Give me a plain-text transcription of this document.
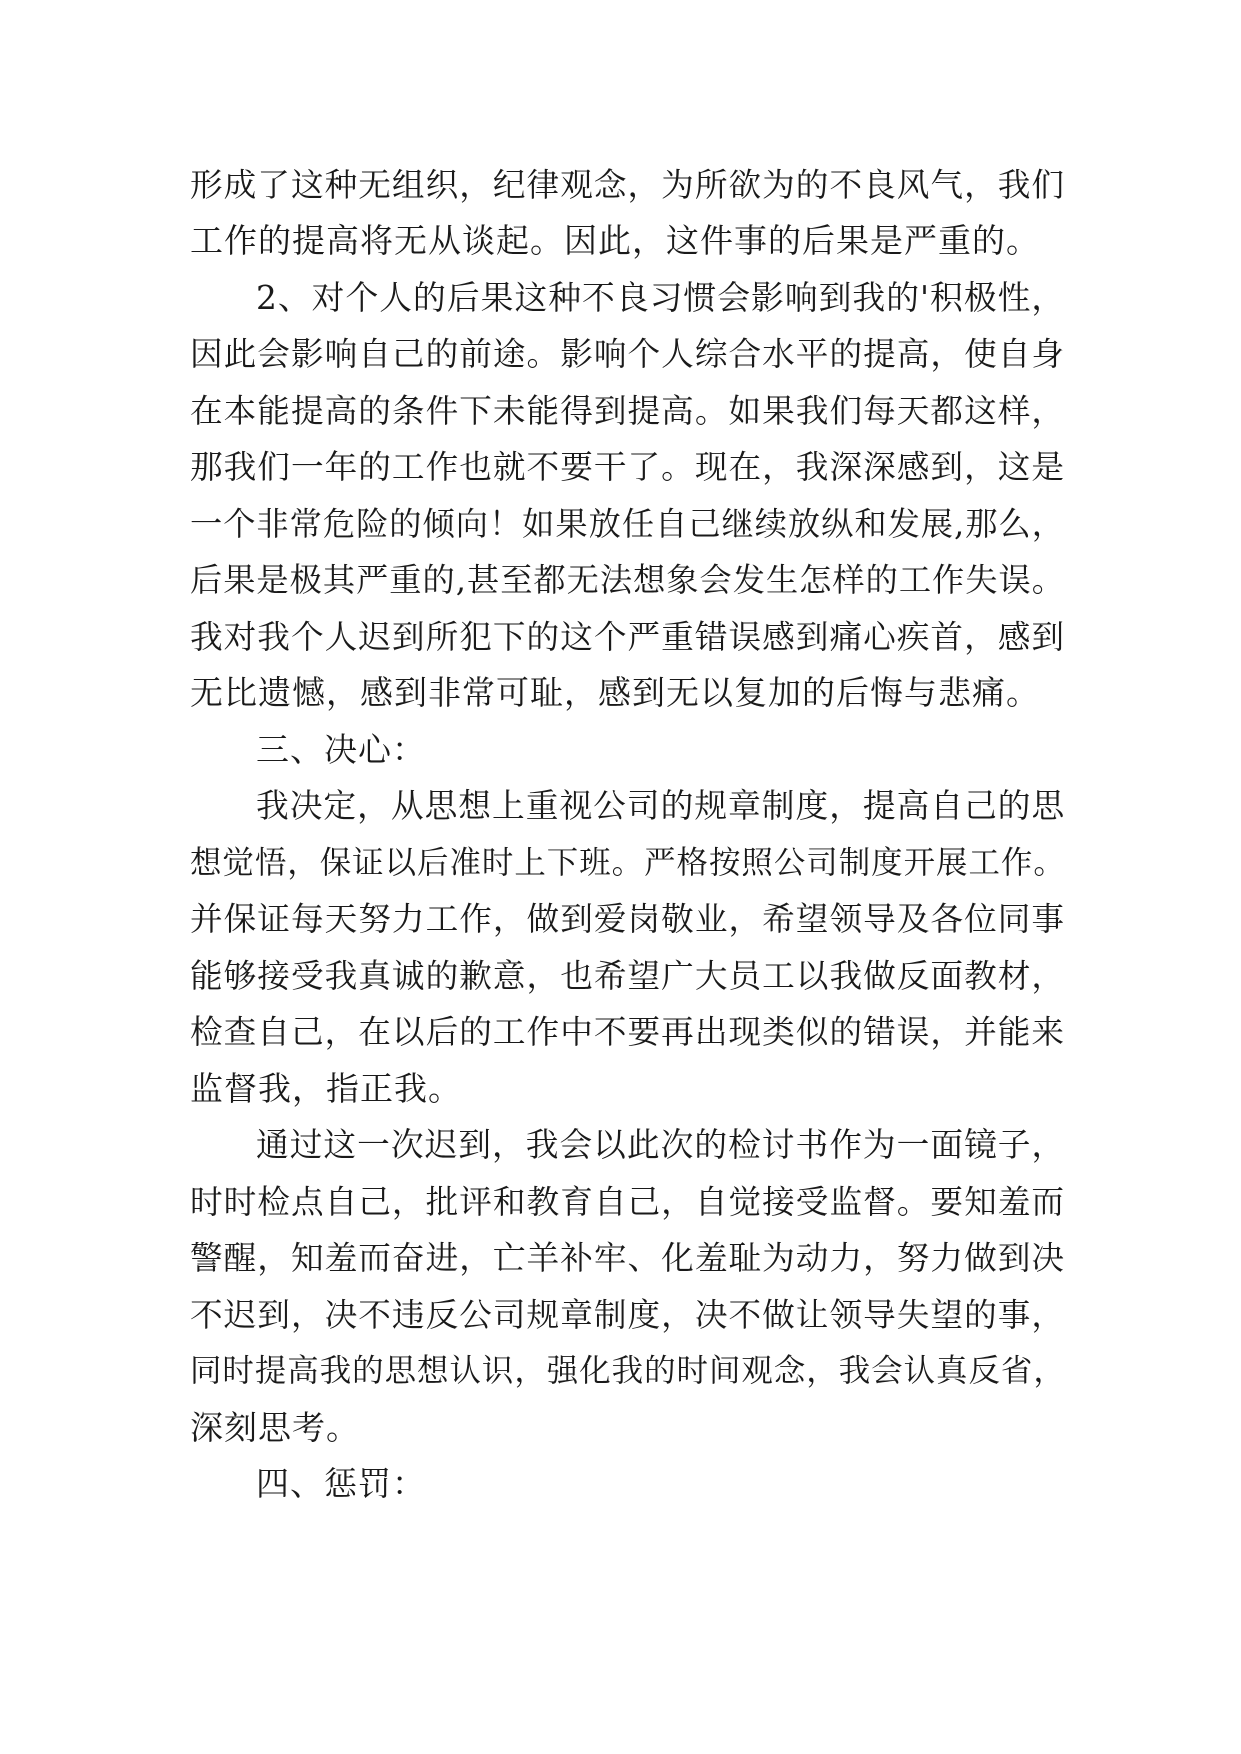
形成了这种无组织，纪律观念，为所欲为的不良风气，我们
工作的提高将无从谈起。因此，这件事的后果是严重的。
2、对个人的后果这种不良习惯会影响到我的'积极性，
因此会影响自己的前途。影响个人综合水平的提高，使自身
在本能提高的条件下未能得到提高。如果我们每天都这样，
那我们一年的工作也就不要干了。现在，我深深感到，这是
一个非常危险的倾向！如果放任自己继续放纵和发展,那么，
后果是极其严重的,甚至都无法想象会发生怎样的工作失误。
我对我个人迟到所犯下的这个严重错误感到痛心疾首，感到
无比遗憾，感到非常可耻，感到无以复加的后悔与悲痛。
三、决心：
我决定，从思想上重视公司的规章制度，提高自己的思
想觉悟，保证以后准时上下班。严格按照公司制度开展工作。
并保证每天努力工作，做到爱岗敬业，希望领导及各位同事
能够接受我真诚的歉意，也希望广大员工以我做反面教材，
检查自己，在以后的工作中不要再出现类似的错误，并能来
监督我，指正我。
通过这一次迟到，我会以此次的检讨书作为一面镜子，
时时检点自己，批评和教育自己，自觉接受监督。要知羞而
警醒，知羞而奋进，亡羊补牢、化羞耻为动力，努力做到决
不迟到，决不违反公司规章制度，决不做让领导失望的事，
同时提高我的思想认识，强化我的时间观念，我会认真反省，
深刻思考。
四、惩罚：
